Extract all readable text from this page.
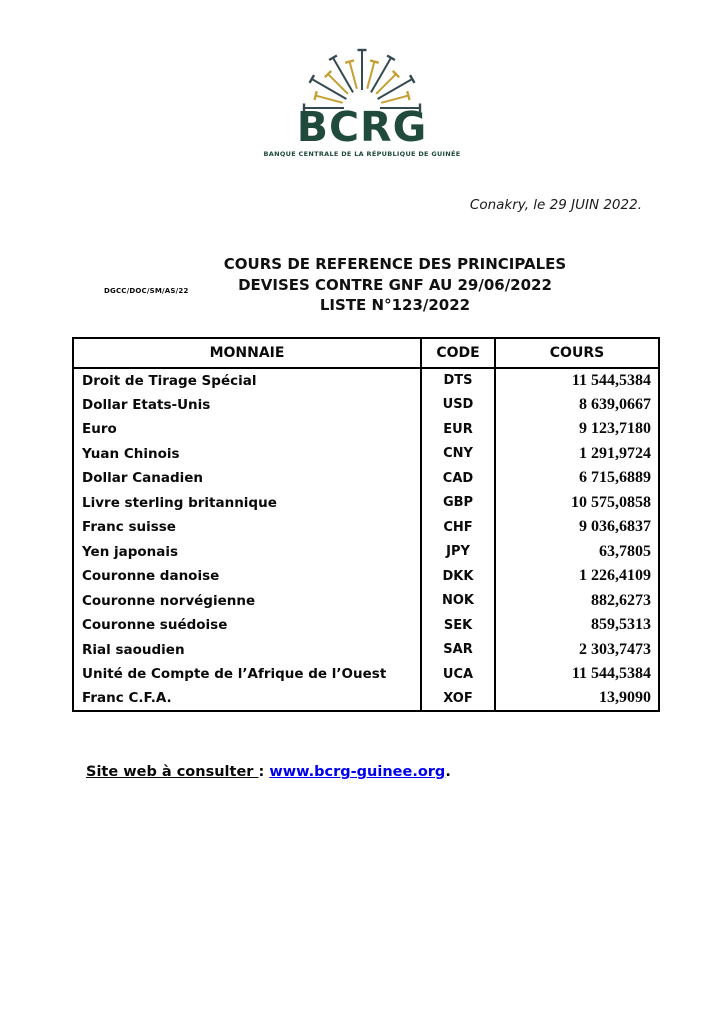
BCRG
BANQUE CENTRALE DE LA RÉPUBLIQUE DE GUINÉE
Conakry, le 29 JUIN 2022.
DGCC/DOC/SM/AS/22
COURS DE REFERENCE DES PRINCIPALES
DEVISES CONTRE GNF AU 29/06/2022
LISTE N°123/2022
MONNAIE	CODE	COURS
Droit de Tirage Spécial	DTS	11 544,5384
Dollar Etats-Unis	USD	8 639,0667
Euro	EUR	9 123,7180
Yuan Chinois	CNY	1 291,9724
Dollar Canadien	CAD	6 715,6889
Livre sterling britannique	GBP	10 575,0858
Franc suisse	CHF	9 036,6837
Yen japonais	JPY	63,7805
Couronne danoise	DKK	1 226,4109
Couronne norvégienne	NOK	882,6273
Couronne suédoise	SEK	859,5313
Rial saoudien	SAR	2 303,7473
Unité de Compte de l’Afrique de l’Ouest	UCA	11 544,5384
Franc C.F.A.	XOF	13,9090
Site web à consulter : www.bcrg-guinee.org.
